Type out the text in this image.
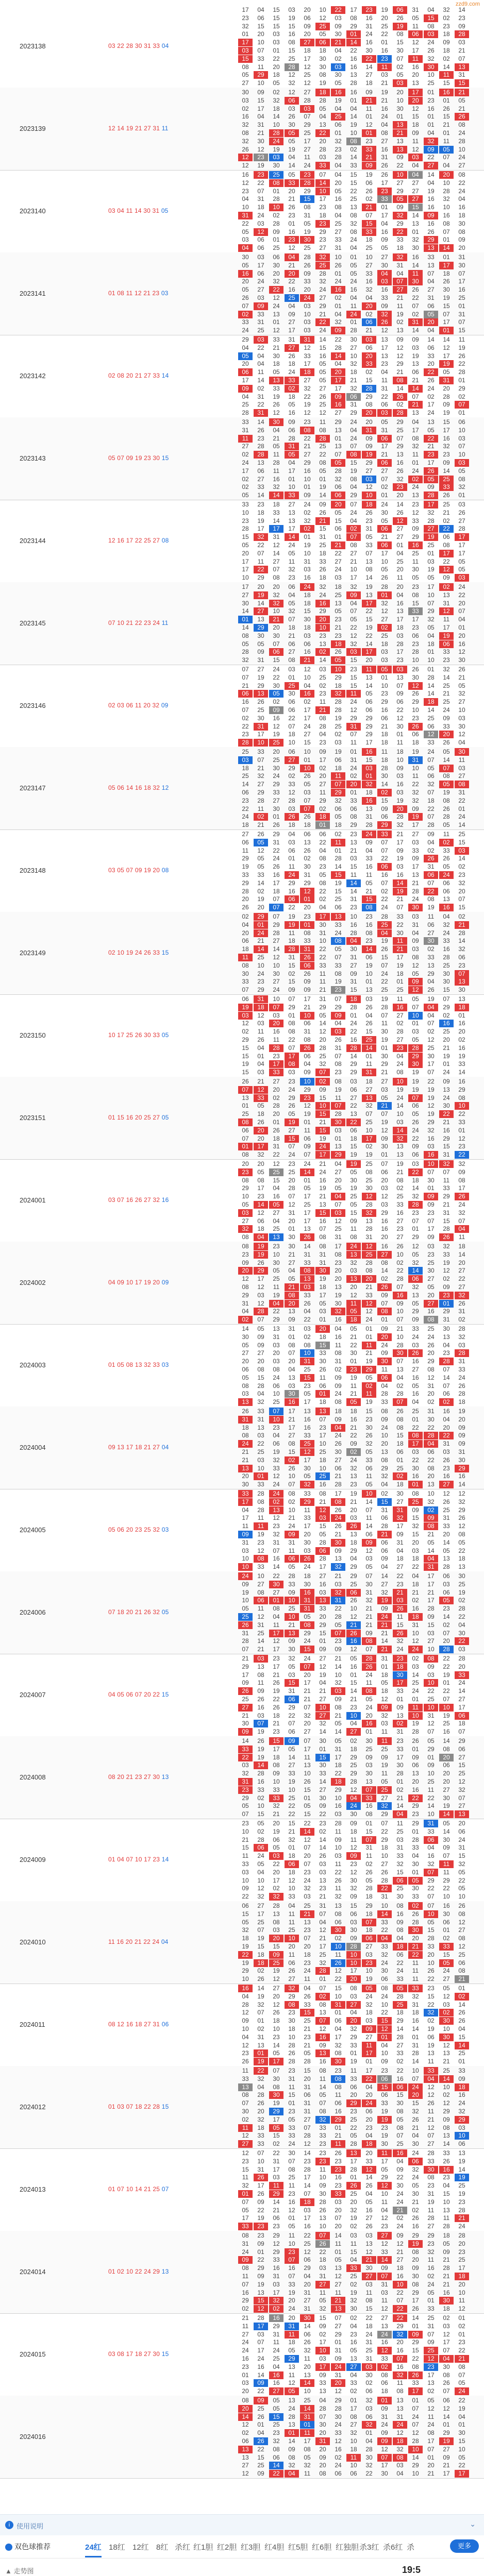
zzd9.com
2023138	03 22 28 30 31 33 04
17	04	15	03	20	10	22	17	23	19	06	31	04	32	14
23	06	15	19	06	12	03	08	16	20	26	05	15	02	23
32	15	15	15	09	25	09	29	31	25	19	11	08	23	09
01	20	03	16	20	05	30	01	24	22	08	06	03	18	28
17	10	03	08	27	06	21	14	16	01	15	12	24	09	03
03	07	01	15	18	18	04	22	30	16	30	17	26	18	21
15	33	22	25	17	30	02	16	22	23	07	11	32	02	07
08	11	20	28	12	30	03	16	14	11	02	16	30	14	13
05	29	18	12	25	08	30	13	27	03	05	20	10	11	31
27	10	05	32	12	19	05	28	18	21	03	13	25	15	15
2023139	12 14 19 21 27 31 11
30	09	02	12	27	18	16	16	09	19	20	17	01	16	21
03	15	32	06	28	28	19	01	21	21	10	20	23	01	05
02	17	18	03	03	05	04	04	11	16	30	12	16	26	21
16	04	14	26	07	04	25	14	01	24	01	15	01	15	26
32	31	10	30	29	13	06	19	12	04	13	18	01	21	08
08	21	28	05	25	22	01	10	01	08	21	09	04	01	24
32	30	24	05	17	20	32	08	23	27	13	11	32	11	28
26	12	19	19	27	28	23	02	33	16	13	12	09	05	10
12	23	03	04	11	03	28	14	21	31	09	03	22	07	24
12	19	30	14	24	33	04	33	09	26	22	04	27	04	27
2023140	03 04 11 14 30 31 05
16	23	25	05	23	07	04	15	19	26	10	04	14	20	08
12	22	08	33	28	14	20	15	06	17	27	27	04	10	22
23	07	01	20	29	10	05	22	26	23	29	27	19	28	24
04	31	28	21	15	17	16	25	02	33	05	27	16	32	04
10	18	10	26	08	23	08	13	21	01	09	15	16	10	16
31	24	02	23	31	18	04	08	07	17	32	14	09	16	18
22	03	28	01	05	23	25	32	15	04	29	13	16	08	30
05	12	09	16	19	29	27	08	33	16	22	01	26	07	08
03	06	01	23	30	23	33	24	18	09	33	32	29	01	09
04	06	25	12	25	27	31	04	25	05	18	30	13	14	20
2023141	01 08 11 12 21 23 03
30	03	06	04	28	32	10	01	10	27	32	16	33	01	31
05	17	30	21	26	25	26	05	27	30	31	14	13	17	30
16	06	20	20	09	28	01	05	33	04	04	11	07	18	07
20	24	32	22	33	32	24	24	16	03	07	30	04	26	17
05	27	22	16	20	24	16	16	32	16	27	26	27	30	16
26	03	12	25	24	27	02	04	04	33	21	22	31	19	25
07	09	24	04	03	29	01	11	20	09	11	07	06	15	01
02	33	13	09	10	21	04	24	02	32	19	02	05	07	31
33	31	01	27	03	22	32	01	06	26	02	31	20	17	07
24	25	12	17	03	24	09	28	21	12	13	14	04	01	15
2023142	02 08 20 21 27 33 14
29	03	33	31	31	14	22	30	03	13	09	09	14	14	11
04	22	21	27	12	15	28	27	06	17	12	03	06	12	19
05	04	30	26	33	16	14	10	20	13	12	19	33	17	26
20	04	18	18	17	05	04	32	33	23	29	13	20	19	22
06	11	05	24	18	05	20	18	02	04	21	06	22	05	28
17	14	13	33	27	05	17	21	15	11	08	21	26	31	01
09	02	33	02	32	27	17	32	28	31	14	14	24	20	29
04	31	19	18	22	26	09	06	29	22	26	07	02	28	02
25	22	26	05	19	25	16	31	08	06	02	21	17	09	07
28	31	12	16	12	12	27	29	20	03	28	13	24	19	01
2023143	05 07 09 19 23 30 15
33	14	30	09	23	11	29	24	20	05	29	04	13	15	06
31	26	04	06	08	08	13	04	31	31	25	17	05	17	10
11	23	21	28	22	28	01	24	09	06	07	08	22	16	03
27	28	05	31	21	25	13	07	09	17	29	32	21	32	07
02	28	11	05	27	22	07	08	19	21	13	11	23	23	10
24	13	28	04	29	08	05	15	29	06	16	01	17	09	03
17	06	11	17	16	05	28	19	27	27	26	24	26	14	05
02	27	16	01	10	01	32	08	03	07	32	02	05	25	08
02	33	32	10	01	19	06	04	12	02	23	24	09	33	32
05	14	14	33	09	14	06	29	10	01	20	13	28	26	01
2023144	12 16 17 22 25 27 08
33	23	18	27	24	09	20	07	18	24	14	23	17	25	03
10	18	33	13	02	26	05	24	26	30	26	12	32	21	26
23	19	14	13	32	21	15	04	23	05	12	33	28	02	27
28	17	17	17	02	15	06	02	31	06	27	09	27	22	28
15	32	31	14	01	31	01	07	05	21	27	29	19	06	17
05	22	12	24	19	25	21	08	33	06	01	16	25	08	17
20	07	14	05	10	18	22	27	07	17	04	25	01	17	17
17	11	27	11	31	33	27	21	13	10	25	11	03	22	05
17	22	07	32	03	26	24	10	08	05	20	30	19	12	05
10	29	08	23	16	18	03	17	14	26	11	05	05	09	03
2023145	07 10 21 22 23 24 11
17	20	20	06	24	32	18	32	19	28	20	23	17	02	24
27	19	32	04	18	24	25	09	13	01	04	08	10	13	22
30	14	32	05	18	16	13	04	17	32	16	15	07	31	20
14	27	10	32	15	29	05	07	22	12	13	33	29	12	07
01	13	21	07	30	20	23	05	15	27	17	17	32	11	04
14	29	20	18	18	10	21	22	19	02	18	23	05	17	01
08	30	30	21	03	23	23	12	22	25	03	06	04	19	20
05	05	07	06	06	13	18	32	14	18	28	23	18	06	16
28	09	06	27	16	02	26	03	17	03	17	28	01	33	12
32	31	15	08	21	14	05	15	20	03	23	10	10	23	30
2023146	02 03 06 11 20 32 09
07	27	24	03	12	03	10	23	11	05	03	26	01	32	26
07	19	22	01	10	25	29	15	13	01	13	30	28	14	21
21	29	30	25	04	02	18	15	14	10	07	12	14	25	05
06	13	05	30	16	23	32	11	05	23	09	26	14	21	32
16	26	02	06	02	11	28	24	06	29	06	29	18	25	27
07	25	09	06	17	21	28	12	06	16	22	10	14	24	10
02	30	16	22	17	08	19	29	29	06	12	23	25	09	03
22	31	12	07	24	28	25	31	29	21	30	26	06	33	30
23	17	19	18	27	04	02	07	29	18	01	06	12	20	12
28	10	25	10	15	23	03	11	17	18	11	18	33	26	04
2023147	05 06 14 16 18 32 12
25	33	20	06	10	09	19	01	16	11	18	19	24	05	30
03	07	25	27	01	17	06	31	15	18	10	31	07	14	11
18	21	30	29	10	02	18	24	03	28	09	10	05	07	03
25	32	24	02	26	20	11	02	01	30	03	11	06	08	27
14	27	29	33	05	27	07	20	32	14	16	22	32	05	08
06	29	33	12	03	11	29	01	18	02	03	32	07	19	31
23	28	27	28	07	29	32	33	16	15	19	32	18	08	22
22	11	30	03	07	02	06	06	13	09	20	09	22	26	01
24	02	01	26	26	18	05	08	31	06	28	19	07	28	24
18	21	26	18	18	01	18	29	28	29	32	17	28	05	14
2023148	03 05 07 09 19 20 08
27	26	29	04	06	06	02	23	24	33	21	27	09	11	25
06	05	31	03	13	22	11	13	09	07	17	03	04	02	15
11	12	22	06	26	04	01	21	04	07	09	33	02	33	03
29	05	24	01	02	08	28	03	33	22	19	09	26	26	14
19	05	26	11	30	23	14	15	16	06	03	17	31	05	02
33	33	16	24	31	05	15	11	11	16	16	13	06	24	23
29	14	17	29	29	08	19	14	05	07	14	21	07	06	32
28	02	18	16	12	22	15	14	21	02	19	28	22	06	20
20	19	07	06	01	02	25	31	15	22	21	24	08	13	07
26	20	07	22	20	04	06	23	08	24	07	30	19	16	15
2023149	02 10 19 24 26 33 15
02	29	07	19	23	17	13	10	23	28	33	03	11	04	02
04	01	29	19	01	30	33	16	16	25	22	31	06	32	21
20	24	28	11	08	31	24	28	08	04	30	04	27	24	28
06	21	27	18	33	10	08	04	23	19	11	09	30	33	14
18	14	14	28	31	22	05	30	14	26	21	03	02	16	32
11	25	12	31	26	22	07	31	06	15	17	08	33	28	06
08	10	10	15	06	33	33	27	19	07	19	12	13	25	23
30	24	30	02	26	11	08	09	10	24	18	05	29	30	07
33	23	27	15	09	11	19	31	01	22	01	09	04	30	13
07	29	24	09	09	21	23	15	13	25	25	12	26	15	30
2023150	10 17 25 26 30 33 05
06	31	10	07	17	31	07	18	03	19	11	05	19	07	13
19	18	07	29	21	29	29	28	26	28	16	07	04	29	18
03	12	03	01	10	05	09	01	04	07	27	10	04	02	01
12	03	20	08	06	14	04	24	26	11	02	01	07	16	16
02	11	16	08	31	12	03	22	15	30	28	03	02	25	20
29	26	11	22	08	20	26	16	25	19	27	05	12	20	02
15	04	28	07	26	28	31	28	14	01	23	28	25	21	16
15	01	23	17	06	25	07	14	01	30	04	29	30	19	19
19	04	17	08	04	32	08	29	11	29	24	30	17	01	33
15	03	33	03	09	07	23	29	31	21	08	19	07	24	14
2023151	01 15 16 20 25 27 05
26	21	27	23	10	02	08	03	18	27	10	19	22	09	16
07	12	20	24	29	09	19	06	27	03	19	19	19	13	29
13	33	02	29	23	15	11	27	13	05	24	07	19	24	08
01	05	28	26	12	10	07	22	32	21	14	06	12	30	10
25	18	20	05	19	15	28	13	07	07	10	05	19	22	22
08	26	01	19	01	21	30	22	25	19	03	26	29	21	33
06	20	26	27	11	15	03	06	10	12	14	24	32	16	01
07	20	18	15	06	19	01	18	17	09	32	22	16	29	12
01	17	31	07	09	24	13	15	02	30	13	09	03	15	23
08	32	22	24	07	17	29	19	19	01	13	06	16	31	22
2024001	03 07 16 26 27 32 16
20	20	12	23	24	21	04	19	25	07	19	03	10	32	32
23	05	25	25	14	24	27	05	08	06	21	22	07	07	09
08	08	15	20	01	16	20	30	25	20	08	18	30	11	08
29	17	04	28	05	19	05	19	30	03	02	14	01	33	17
10	23	16	07	17	21	04	25	12	12	25	32	09	29	26
05	14	05	12	25	13	07	05	28	03	33	28	09	21	24
03	12	27	31	17	15	03	15	32	29	16	23	23	31	32
27	06	04	20	17	16	12	09	13	16	27	07	07	15	07
32	18	25	01	13	07	25	11	28	16	23	01	17	28	04
08	04	13	30	26	08	31	08	31	20	27	29	09	26	11
2024002	04 09 10 17 19 20 09
08	19	23	30	14	08	17	24	12	16	26	12	03	32	18
23	19	10	21	31	31	08	13	25	27	10	05	23	33	14
09	26	30	27	33	31	23	32	28	08	02	32	25	19	20
20	29	05	04	08	30	20	03	08	14	22	14	30	12	27
12	17	25	05	13	19	20	13	20	02	28	06	27	02	22
08	12	11	21	03	18	13	20	21	26	07	32	05	09	27
29	03	19	08	33	17	19	12	33	09	16	13	20	23	32
31	12	04	20	26	05	30	11	12	07	09	05	27	01	26
04	28	22	13	04	03	32	05	12	08	10	29	16	29	31
02	07	29	09	22	01	16	18	24	01	07	09	08	31	02
2024003	01 05 08 13 32 33 03
14	05	13	31	03	20	04	05	01	09	21	33	25	30	28
30	09	31	01	02	18	16	21	01	20	10	24	24	13	32
05	09	03	08	08	15	11	22	11	24	28	03	26	04	03
27	27	20	07	10	33	08	30	21	09	30	26	20	23	28
20	20	03	20	31	30	31	01	19	30	07	16	29	28	31
06	08	08	04	25	26	02	23	29	11	13	27	08	07	33
05	15	24	13	15	11	09	19	05	06	04	16	12	14	24
08	28	06	03	23	06	09	11	02	04	02	05	31	07	26
03	04	10	30	05	01	24	21	11	28	28	16	20	06	28
13	32	25	16	17	18	08	05	19	33	07	04	02	02	18
2024004	09 13 17 18 21 27 04
26	33	07	17	13	13	18	18	15	08	26	25	31	16	19
31	31	10	21	16	07	09	16	23	09	08	01	30	04	20
18	13	23	17	16	23	04	21	30	24	08	22	22	20	09
08	03	04	27	33	17	24	22	26	10	15	08	28	22	09
24	22	06	08	25	10	26	09	32	20	18	17	04	31	09
21	25	19	15	12	25	30	02	05	13	06	03	06	03	31
21	03	32	02	17	18	27	24	33	08	01	22	22	26	30
13	10	33	26	30	10	06	32	06	29	25	30	08	23	29
20	01	12	10	05	25	21	13	11	32	02	16	20	16	16
30	33	24	07	32	16	28	23	05	04	18	01	13	27	14
2024005	05 06 20 23 25 32 03
33	28	24	08	33	08	17	19	10	02	30	08	10	12	12
17	08	02	02	29	21	08	21	14	15	27	25	32	26	32
04	28	13	10	11	12	26	20	07	31	31	09	02	25	29
17	11	12	21	33	03	24	03	11	06	32	15	09	31	26
11	11	23	24	17	15	26	26	14	28	17	32	08	33	12
09	19	32	09	20	05	21	13	06	21	09	15	21	20	08
31	23	31	31	30	28	30	18	09	06	31	20	05	14	05
03	12	07	11	03	06	09	29	12	06	04	03	14	05	22
10	08	16	06	26	28	13	04	03	09	18	18	04	13	18
10	33	14	05	24	17	32	29	05	04	27	22	31	28	13
2024006	07 18 20 21 26 32 05
24	10	22	28	18	27	21	29	07	14	22	04	17	06	30
09	27	30	33	30	16	03	25	30	27	23	18	17	03	25
19	08	27	09	16	03	32	06	31	32	21	21	21	06	19
10	06	01	10	31	13	31	26	32	19	03	02	17	05	02
05	11	08	25	31	33	22	10	21	09	26	16	28	23	28
25	12	04	10	05	20	28	12	21	24	11	18	09	14	22
26	31	11	21	08	29	05	21	21	21	15	31	15	02	04
31	25	17	13	29	15	07	26	09	21	26	10	03	07	30
28	14	12	09	24	01	23	16	08	14	32	12	27	20	22
07	21	17	30	15	09	09	12	07	21	24	24	10	28	03
2024007	04 05 06 07 20 22 15
21	03	23	32	24	27	21	05	28	31	23	02	08	22	28
29	13	17	05	07	12	14	16	26	01	18	03	09	22	20
17	08	21	03	20	19	10	01	24	18	30	14	03	19	33
09	11	26	15	17	04	32	15	11	05	17	25	10	01	24
26	09	19	31	21	21	03	14	08	18	33	24	22	22	14
25	26	22	06	21	27	09	21	05	12	01	01	25	07	27
27	16	26	29	07	10	08	23	24	09	09	11	10	10	17
21	03	18	22	32	27	21	10	20	32	13	10	31	19	06
30	07	21	07	20	32	05	04	16	03	02	19	12	25	18
09	19	23	06	27	14	14	27	01	11	31	28	07	16	07
2024008	08 20 21 23 27 30 13
14	26	15	09	07	30	05	02	30	11	23	26	05	14	29
33	19	17	05	17	01	31	18	25	25	33	01	29	08	06
22	19	18	14	11	15	17	29	09	09	17	09	01	20	27
03	14	08	27	13	30	18	25	03	19	30	06	09	06	15
32	28	09	33	10	33	22	29	30	11	28	13	10	20	25
31	16	10	19	26	14	18	28	13	05	01	20	25	20	12
23	33	33	10	15	27	29	12	07	25	02	16	11	27	32
29	02	33	25	01	30	10	04	33	27	21	22	22	30	07
05	10	32	22	05	09	16	24	16	32	14	29	14	19	27
07	15	21	22	15	22	03	30	08	29	04	23	10	14	13
2024009	01 04 07 10 17 23 14
23	05	20	15	22	23	28	09	01	07	11	29	31	05	20
10	02	19	21	14	02	11	18	15	22	25	01	33	14	06
21	28	06	32	12	14	09	11	07	29	03	28	06	30	24
15	06	05	01	07	14	10	12	31	18	31	33	04	09	31
11	24	03	18	20	26	03	09	11	10	33	04	16	07	15
33	05	22	06	07	03	11	23	02	27	32	30	32	11	32
03	04	20	18	23	03	22	12	26	26	15	01	07	11	05
10	10	17	12	24	13	26	30	05	28	06	05	29	29	22
09	12	02	10	32	23	11	32	28	22	25	30	22	22	05
22	32	32	33	03	21	32	09	18	31	30	33	07	10	10
2024010	11 16 20 21 22 24 04
06	27	28	04	25	31	13	15	29	10	08	02	07	16	26
15	17	13	11	21	07	08	06	18	14	16	26	10	30	08
05	25	08	11	13	04	06	03	07	33	09	28	05	06	12
32	07	03	25	23	12	30	30	18	22	08	30	15	01	27
18	19	20	10	07	21	02	09	06	04	04	20	28	02	08
19	15	15	20	20	17	10	28	27	33	18	21	33	33	12
22	18	09	11	18	25	11	10	03	32	06	22	20	15	25
19	18	25	06	23	32	26	10	23	24	22	11	10	05	06
29	02	19	26	24	28	12	17	10	30	24	11	26	24	08
10	26	12	27	11	01	22	20	19	06	33	11	22	27	21
2024011	08 12 16 18 27 31 06
16	14	27	32	04	07	15	08	05	08	05	33	23	05	01
04	19	20	29	26	02	10	03	24	24	28	32	15	12	02
28	32	12	08	33	08	31	27	32	10	25	31	22	03	14
12	07	26	23	15	13	01	04	18	22	18	18	32	02	26
09	01	18	30	25	07	06	20	03	15	29	16	02	30	26
10	02	10	18	21	12	04	32	09	12	14	14	19	10	04
04	31	23	10	23	16	17	29	27	01	28	01	06	30	15
12	13	14	28	21	09	32	33	11	04	27	31	19	12	14
23	01	05	26	05	13	08	01	17	10	33	28	13	13	25
26	19	17	28	28	16	30	19	01	09	02	14	11	21	01
2024012	01 03 07 18 22 28 15
11	22	07	23	15	08	23	11	17	23	22	10	33	25	33
33	32	30	31	20	11	08	33	22	06	16	07	04	14	09
13	04	08	11	31	14	08	06	04	15	06	24	12	10	18
08	28	30	15	06	05	11	20	20	06	15	20	12	02	16
07	26	19	01	31	07	06	29	24	33	30	15	26	12	24
30	20	29	23	31	08	16	23	06	19	08	32	11	29	32
02	32	17	05	27	32	29	25	20	19	05	26	21	09	29
11	18	05	33	07	33	01	22	23	23	08	21	12	08	03
12	33	15	33	28	33	21	05	04	19	07	04	07	13	10
27	33	02	24	12	23	11	28	18	30	25	30	27	14	06
2024013	01 07 10 14 21 25 07
12	07	22	30	14	23	26	13	20	11	16	24	28	33	13
23	10	31	07	23	23	23	17	33	17	04	06	33	26	19
15	31	17	08	28	11	23	28	12	05	09	32	30	16	14
11	26	03	25	17	10	16	01	14	29	22	24	08	23	19
32	17	11	11	14	09	23	26	26	12	30	05	23	04	25
01	26	29	23	07	30	33	25	04	10	24	30	31	15	19
07	09	14	16	18	28	03	20	05	11	24	21	19	10	23
05	22	21	12	03	26	20	32	16	04	21	02	11	13	28
17	19	06	01	17	13	07	19	27	12	02	26	28	11	21
33	23	23	05	16	10	20	02	26	23	24	16	27	28	24
2024014	01 02 10 22 24 29 13
08	23	29	11	22	07	14	03	03	27	09	29	29	18	28
31	09	12	10	25	26	11	11	13	12	12	19	23	05	20
24	01	29	23	12	22	01	15	12	33	21	08	32	09	23
09	22	33	07	06	18	05	04	21	14	27	20	11	21	25
08	29	16	16	29	03	13	33	30	09	18	09	16	28	17
11	09	31	07	04	31	12	25	27	07	16	30	02	21	18
07	19	03	33	20	27	27	02	03	31	10	08	24	21	20
16	13	17	19	31	11	11	19	11	03	22	29	05	16	10
29	15	32	20	27	05	21	32	08	11	07	17	01	30	11
02	12	02	24	31	32	13	30	15	12	22	26	33	18	12
2024015	03 08 17 18 27 30 15
21	28	16	20	30	15	07	02	22	27	22	14	25	02	01
11	17	29	31	14	09	27	04	18	13	29	01	31	03	02
27	03	31	11	06	02	29	23	24	24	32	09	07	12	01
24	07	11	18	26	17	01	16	31	16	20	29	09	17	23
24	17	24	05	32	10	31	05	25	12	16	15	25	07	22
16	24	25	29	11	03	09	13	31	33	07	22	12	04	21
23	16	04	13	20	17	24	27	03	02	16	08	23	30	08
01	14	16	11	13	09	31	04	30	08	32	26	17	08	07
03	09	16	12	14	33	20	33	02	06	11	33	13	26	05
20	22	27	05	10	13	12	02	06	18	08	17	02	07	24
2024016
08	09	05	13	25	04	29	01	32	01	13	01	05	06	22
20	25	05	24	14	28	28	17	03	09	13	07	12	12	19
14	26	15	28	31	07	30	08	06	31	31	24	11	14	04
12	01	25	13	01	30	24	27	32	24	24	07	24	01	01
02	04	23	01	11	20	33	32	01	09	12	12	08	29	30
06	26	32	14	17	31	12	10	04	09	18	28	17	19	15
13	22	08	09	08	20	16	18	28	12	32	10	07	27	10
13	15	06	08	05	09	02	11	30	07	08	14	01	09	05
27	25	14	32	32	20	24	10	32	17	03	29	20	21	22
12	09	22	04	11	08	06	06	22	30	04	10	21	17	17
i 使用说明	⌄
双色球推荐	24红 18红 12红 8红 杀红 红1胆 红2胆 红3胆 红4胆 红5胆 红6胆 红独胆 杀3红 杀6红 杀	更多
▲ 走势图	19:5
